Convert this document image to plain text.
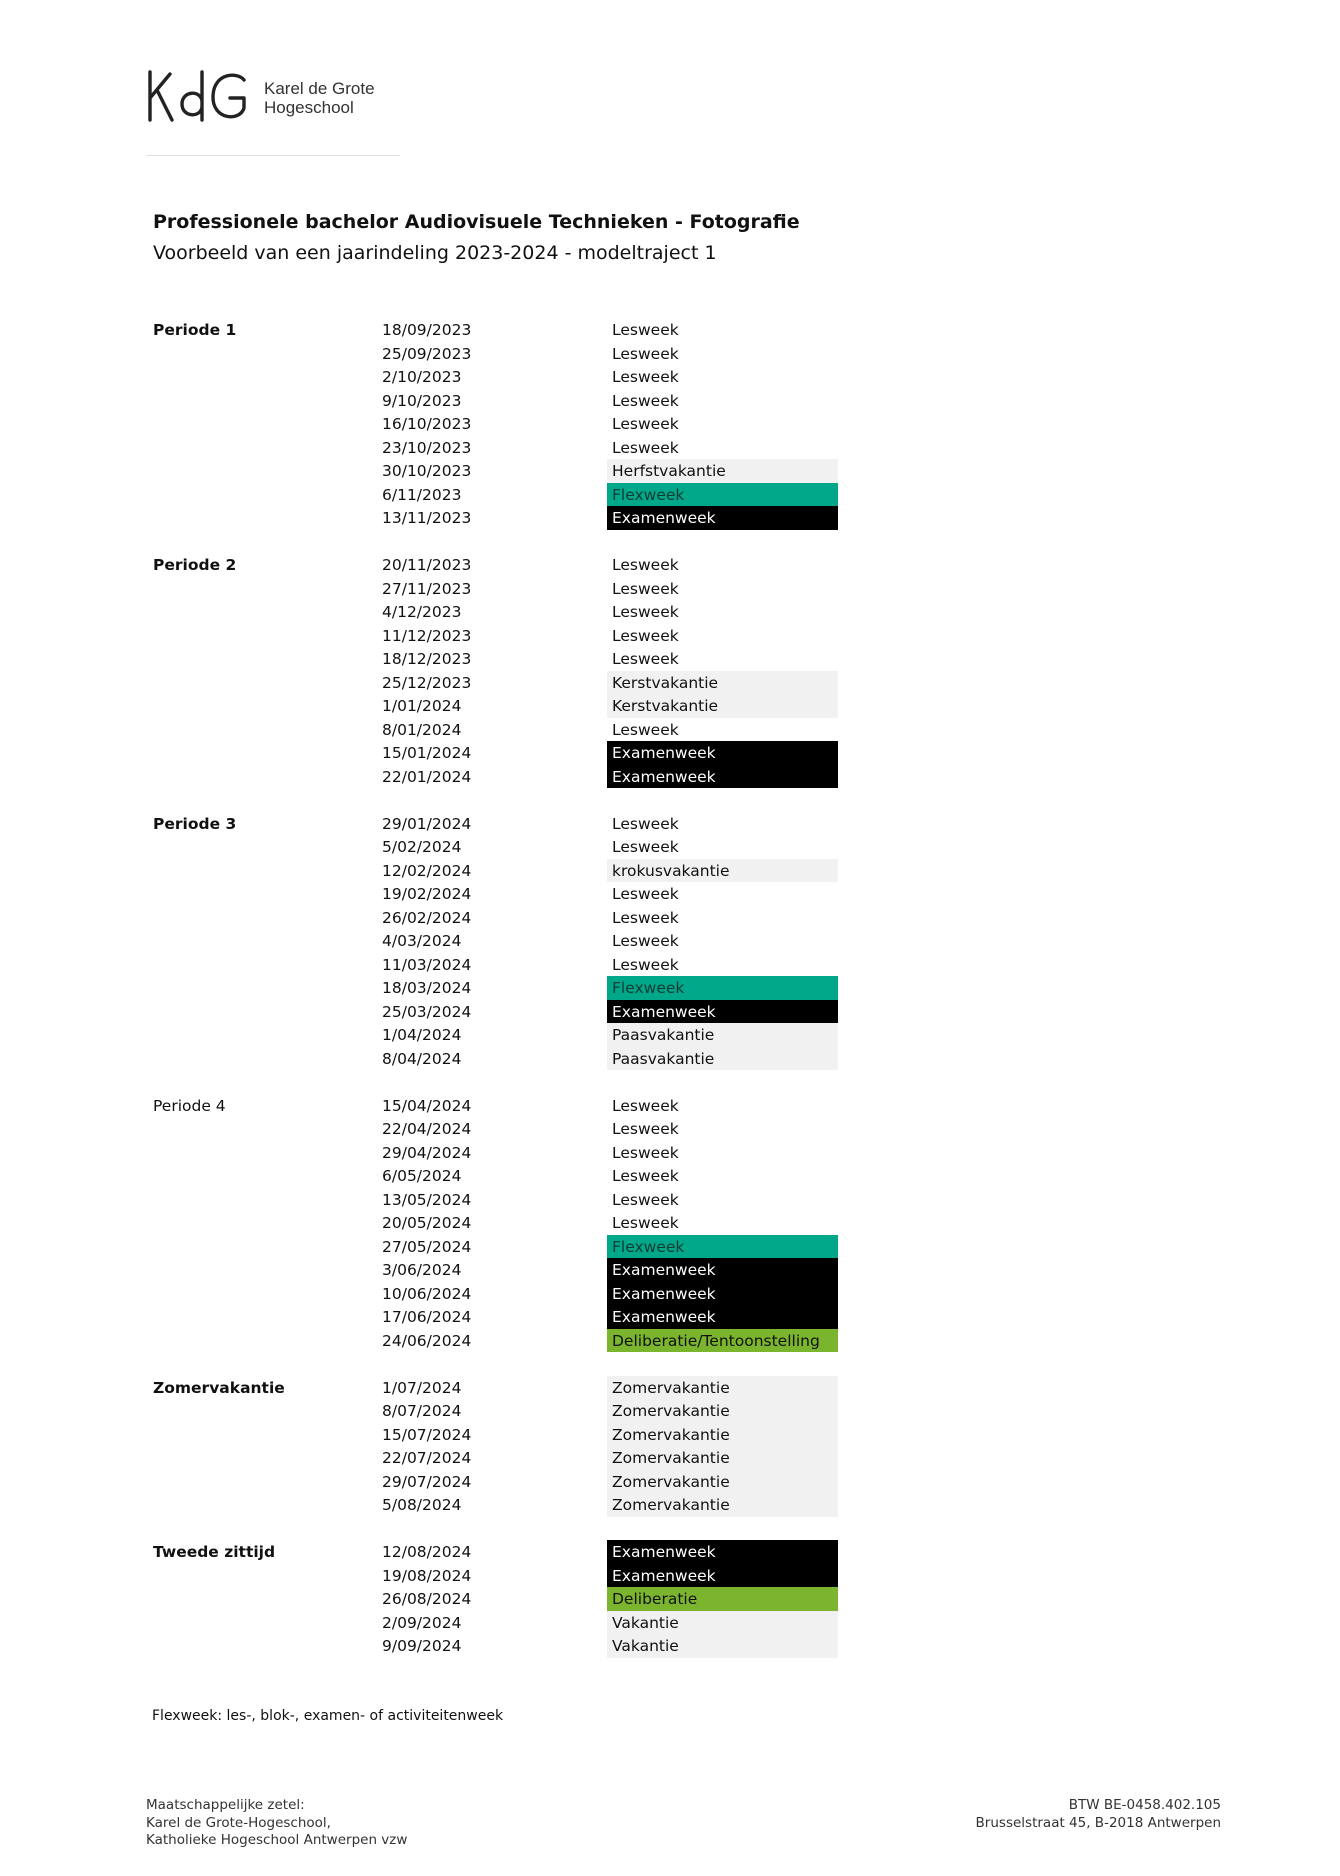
Karel de Grote
Hogeschool
Professionele bachelor Audiovisuele Technieken - Fotografie
Voorbeeld van een jaarindeling 2023-2024 - modeltraject 1
Periode 1	18/09/2023	Lesweek
25/09/2023	Lesweek
2/10/2023	Lesweek
9/10/2023	Lesweek
16/10/2023	Lesweek
23/10/2023	Lesweek
30/10/2023	Herfstvakantie
6/11/2023	Flexweek
13/11/2023	Examenweek
Periode 2	20/11/2023	Lesweek
27/11/2023	Lesweek
4/12/2023	Lesweek
11/12/2023	Lesweek
18/12/2023	Lesweek
25/12/2023	Kerstvakantie
1/01/2024	Kerstvakantie
8/01/2024	Lesweek
15/01/2024	Examenweek
22/01/2024	Examenweek
Periode 3	29/01/2024	Lesweek
5/02/2024	Lesweek
12/02/2024	krokusvakantie
19/02/2024	Lesweek
26/02/2024	Lesweek
4/03/2024	Lesweek
11/03/2024	Lesweek
18/03/2024	Flexweek
25/03/2024	Examenweek
1/04/2024	Paasvakantie
8/04/2024	Paasvakantie
Periode 4	15/04/2024	Lesweek
22/04/2024	Lesweek
29/04/2024	Lesweek
6/05/2024	Lesweek
13/05/2024	Lesweek
20/05/2024	Lesweek
27/05/2024	Flexweek
3/06/2024	Examenweek
10/06/2024	Examenweek
17/06/2024	Examenweek
24/06/2024	Deliberatie/Tentoonstelling
Zomervakantie	1/07/2024	Zomervakantie
8/07/2024	Zomervakantie
15/07/2024	Zomervakantie
22/07/2024	Zomervakantie
29/07/2024	Zomervakantie
5/08/2024	Zomervakantie
Tweede zittijd	12/08/2024	Examenweek
19/08/2024	Examenweek
26/08/2024	Deliberatie
2/09/2024	Vakantie
9/09/2024	Vakantie
Flexweek: les-, blok-, examen- of activiteitenweek
Maatschappelijke zetel:
Karel de Grote-Hogeschool,
Katholieke Hogeschool Antwerpen vzw
BTW BE-0458.402.105
Brusselstraat 45, B-2018 Antwerpen
